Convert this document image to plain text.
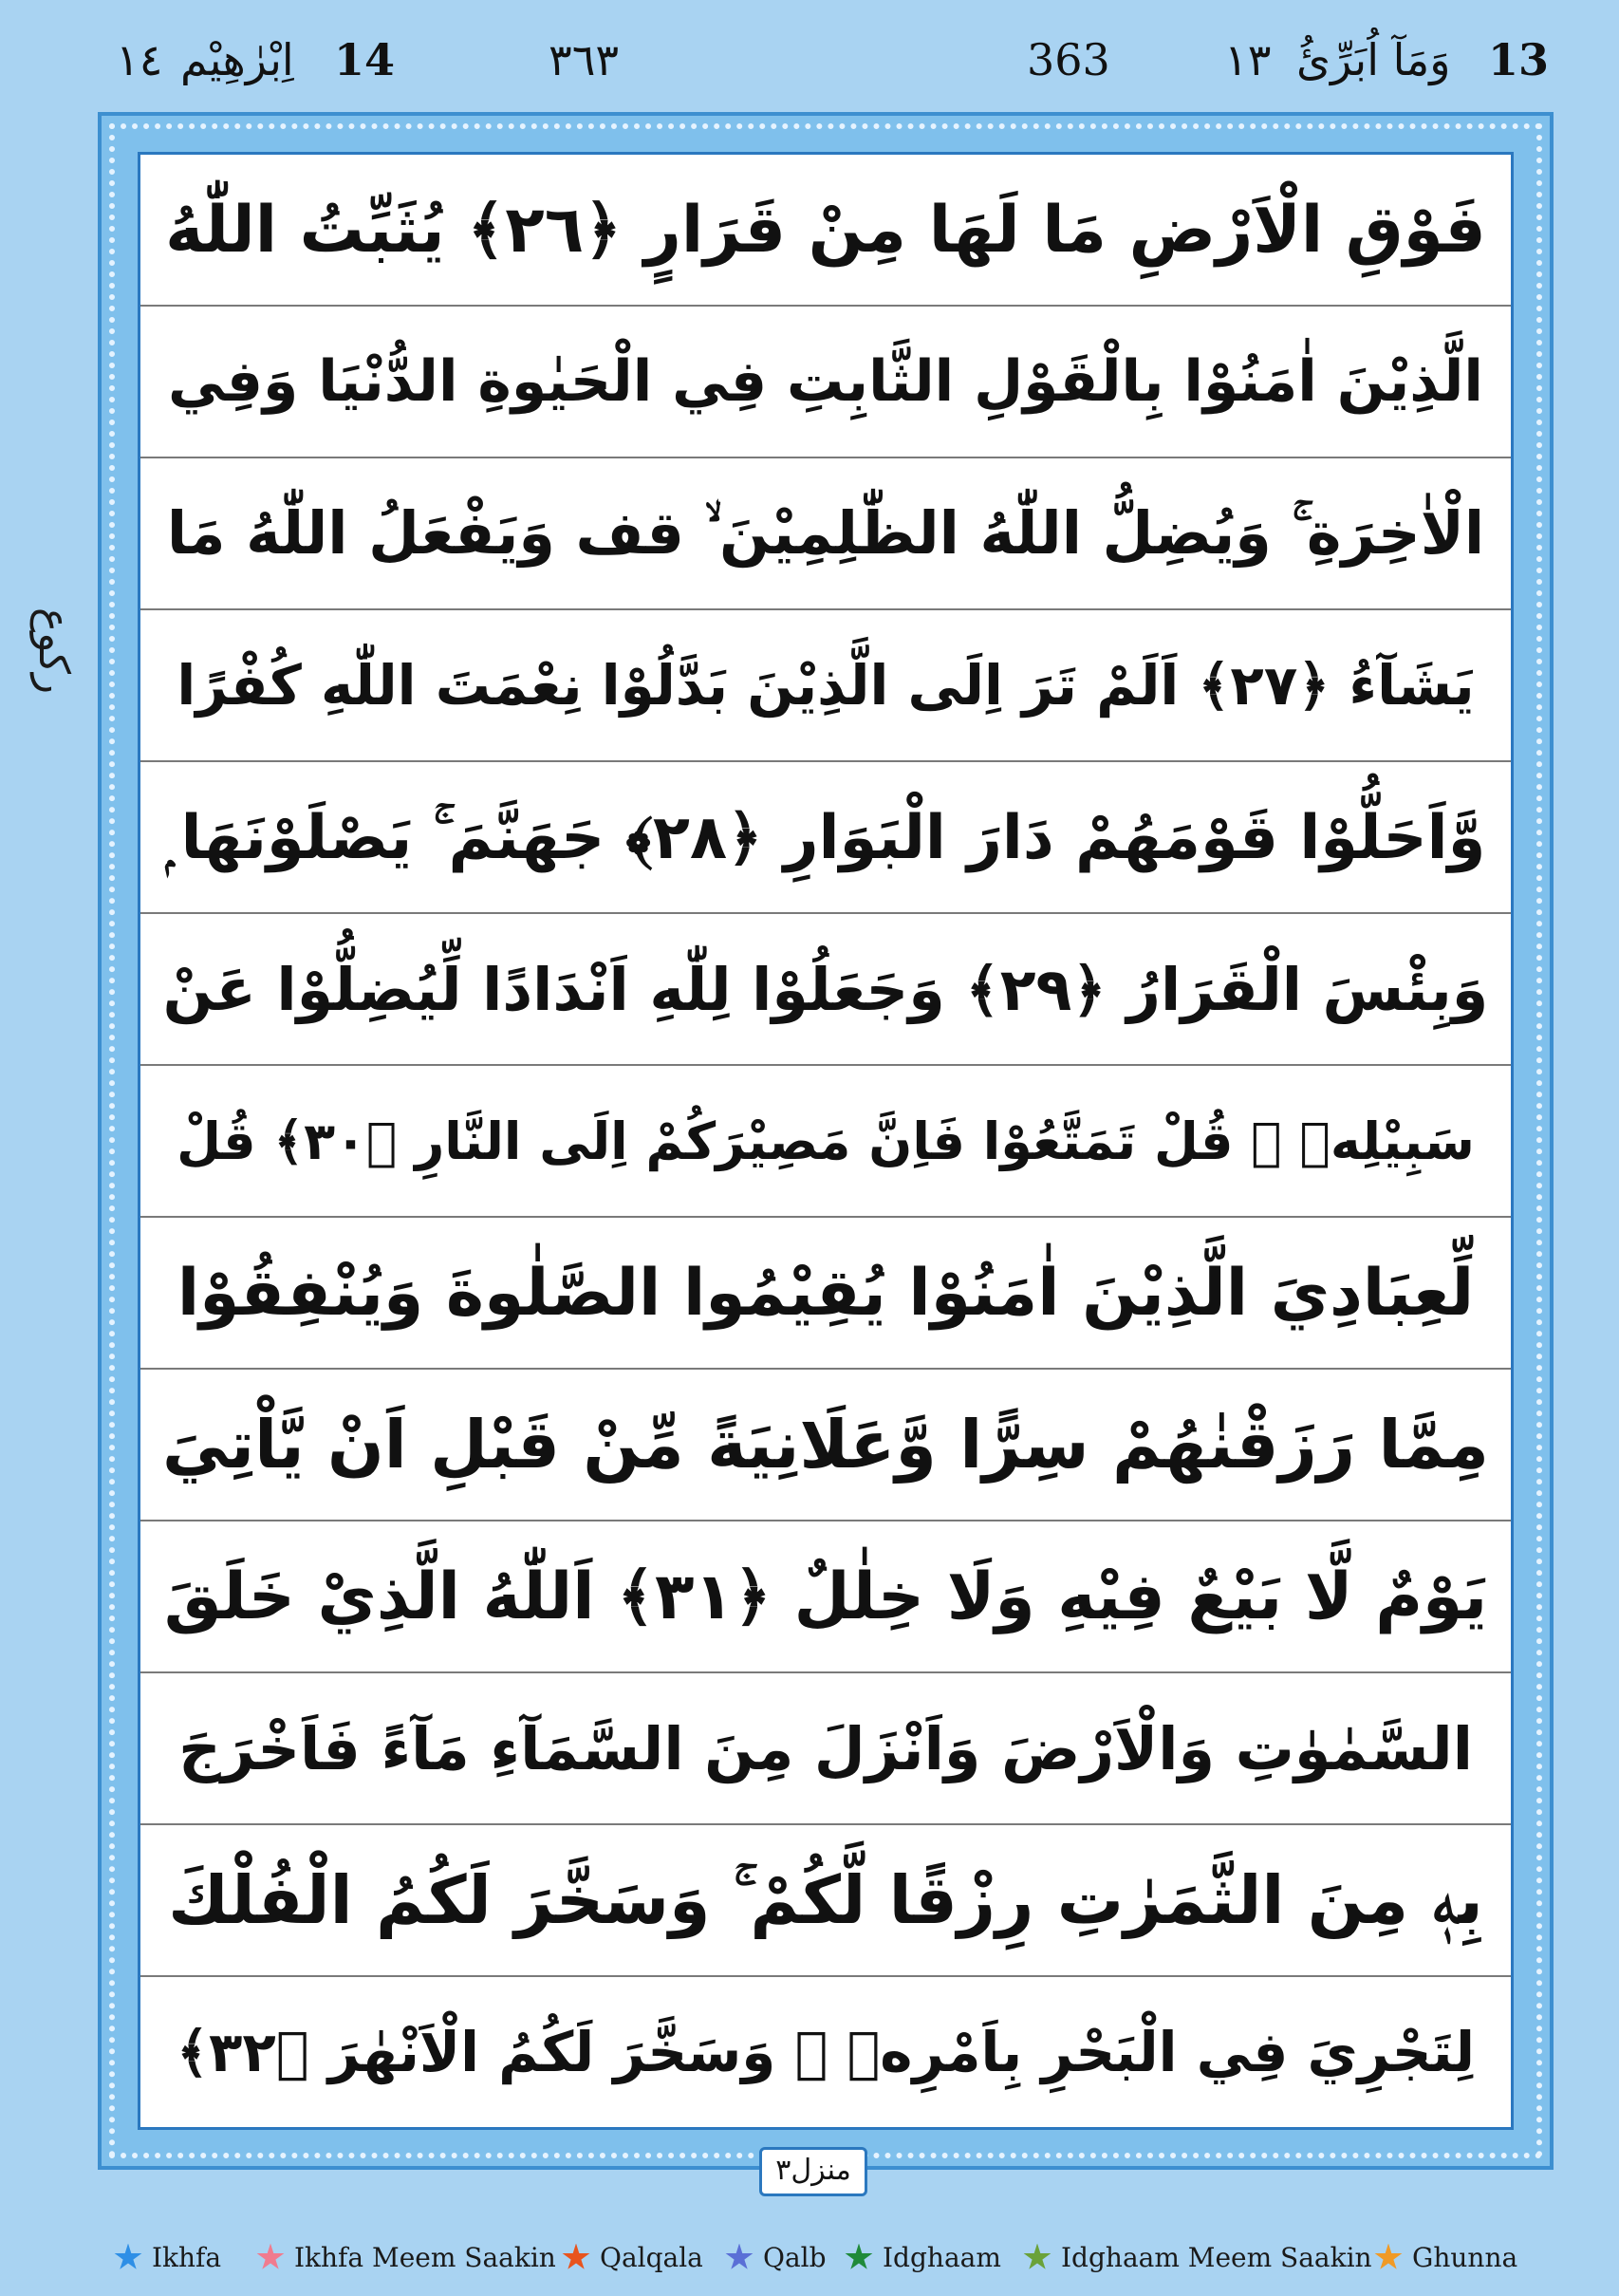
13
وَمَآ اُبَرِّئُ
١٣
363
٣٦٣
14
اِبْرٰهِيْم
١٤
ركوع
فَوْقِ الْاَرْضِ مَا لَهَا مِنْ قَرَارٍ ﴿٢٦﴾ يُثَبِّتُ اللّٰهُ
الَّذِيْنَ اٰمَنُوْا بِالْقَوْلِ الثَّابِتِ فِي الْحَيٰوةِ الدُّنْيَا وَفِي
الْاٰخِرَةِ ۚ وَيُضِلُّ اللّٰهُ الظّٰلِمِيْنَ ۙ قف وَيَفْعَلُ اللّٰهُ مَا
يَشَآءُ ﴿٢٧﴾ اَلَمْ تَرَ اِلَى الَّذِيْنَ بَدَّلُوْا نِعْمَتَ اللّٰهِ كُفْرًا
وَّاَحَلُّوْا قَوْمَهُمْ دَارَ الْبَوَارِ ﴿٢٨﴾ جَهَنَّمَ ۚ يَصْلَوْنَهَا ۭ
وَبِئْسَ الْقَرَارُ ﴿٢٩﴾ وَجَعَلُوْا لِلّٰهِ اَنْدَادًا لِّيُضِلُّوْا عَنْ
سَبِيْلِهٖ ۭ قُلْ تَمَتَّعُوْا فَاِنَّ مَصِيْرَكُمْ اِلَى النَّارِ ﴿٣٠﴾ قُلْ
لِّعِبَادِيَ الَّذِيْنَ اٰمَنُوْا يُقِيْمُوا الصَّلٰوةَ وَيُنْفِقُوْا
مِمَّا رَزَقْنٰهُمْ سِرًّا وَّعَلَانِيَةً مِّنْ قَبْلِ اَنْ يَّاْتِيَ
يَوْمٌ لَّا بَيْعٌ فِيْهِ وَلَا خِلٰلٌ ﴿٣١﴾ اَللّٰهُ الَّذِيْ خَلَقَ
السَّمٰوٰتِ وَالْاَرْضَ وَاَنْزَلَ مِنَ السَّمَآءِ مَآءً فَاَخْرَجَ
بِهٖ مِنَ الثَّمَرٰتِ رِزْقًا لَّكُمْ ۚ وَسَخَّرَ لَكُمُ الْفُلْكَ
لِتَجْرِيَ فِي الْبَحْرِ بِاَمْرِهٖ ۚ وَسَخَّرَ لَكُمُ الْاَنْهٰرَ ﴿٣٢﴾
منزل٣
Ikhfa	Ikhfa Meem Saakin Qalqala Qalb Idghaam Idghaam Meem Saakin Ghunna
